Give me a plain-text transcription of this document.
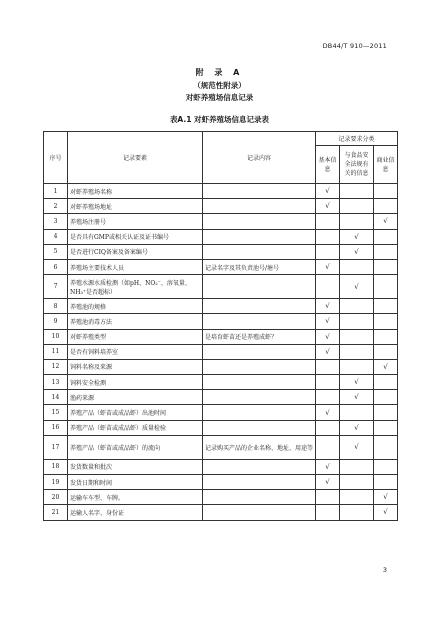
DB44/T 910—2011
附 录 A
（规范性附录）
对虾养殖场信息记录
表A.1 对虾养殖场信息记录表
序号	记录要素	记录内容	记录要求分类		
			基本信息	与食品安全法规有关的信息	商业信息
1	对虾养殖场名称		√		
2	对虾养殖场地址		√		
3	养殖场注册号				√
4	是否具有GMP或相关认证及证书编号			√	
5	是否进行CIQ备案及备案编号			√	
6	养殖场主要技术人员	记录名字及其负责池号/塘号	√		
7	养殖水源水质检测（如pH、NO₂⁻、溶氧量、NH₃⁺是否超标）			√	
8	养殖池的规格		√		
9	养殖池消毒方法		√		
10	对虾养殖类型	是培育虾苗还是养殖成虾？	√		
11	是否有饲料培养室		√		
12	饲料名称及来源				√
13	饲料安全检测			√	
14	渔药来源			√	
15	养殖产品（虾苗或成品虾）出池时间		√		
16	养殖产品（虾苗或成品虾）质量检验			√	
17	养殖产品（虾苗或成品虾）的流向	记录购买产品的企业名称、地址、用途等		√	
18	发货数量和批次		√		
19	发货日期和时间		√		
20	运输车车型、车牌。				√
21	运输人名字、身份证				√
3
